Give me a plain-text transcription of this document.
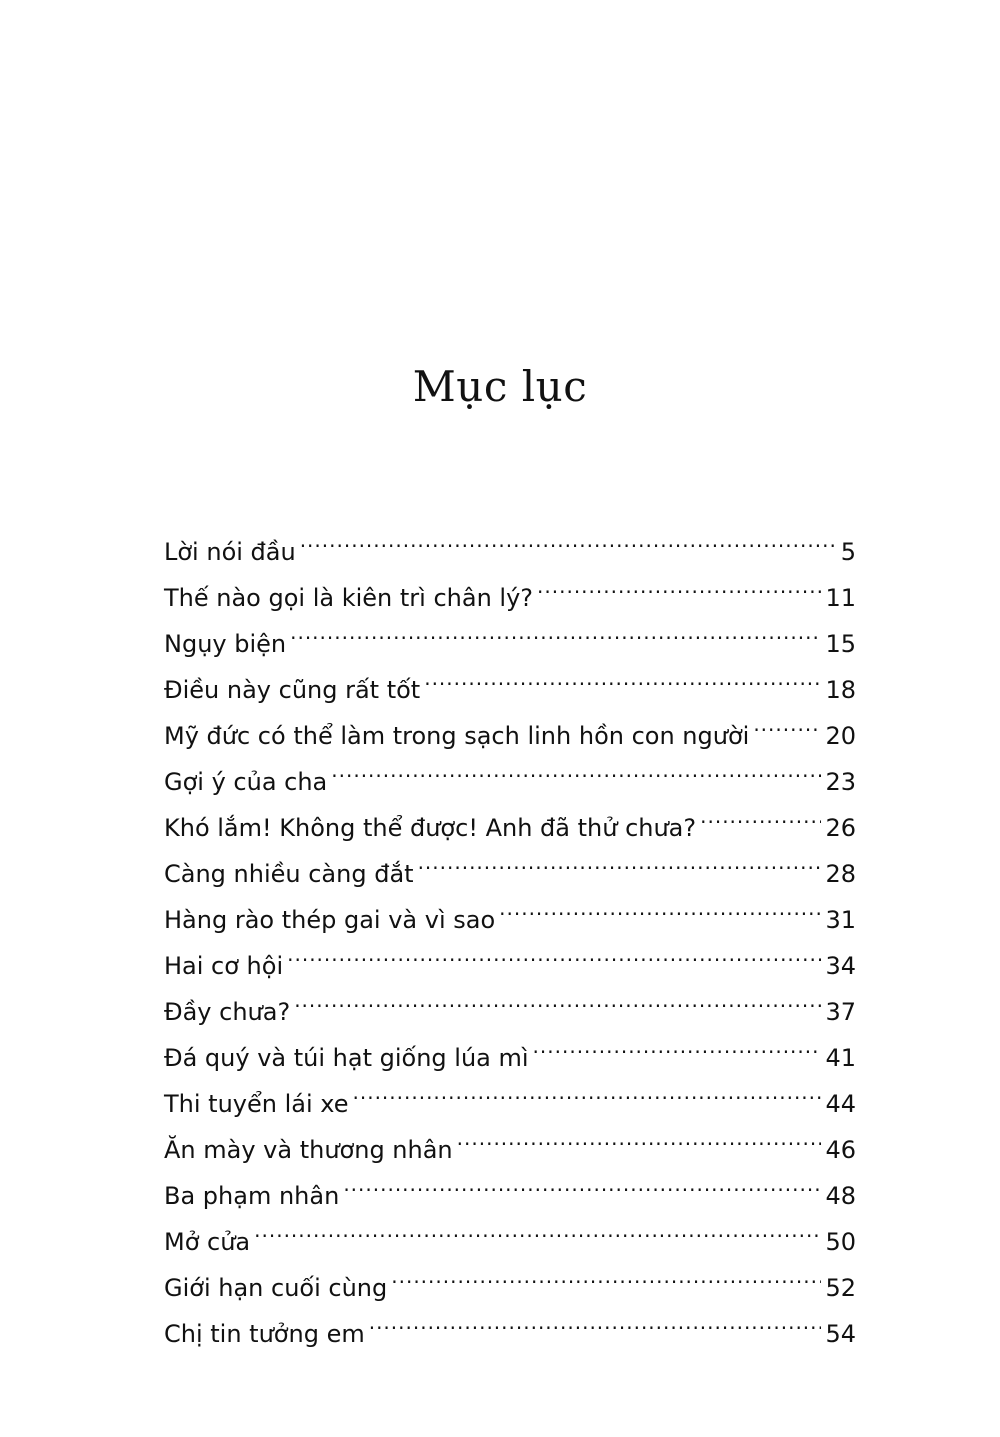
Mục lục
Lời nói đầu .....	5
Thế nào gọi là kiên trì chân lý? .....	11
Ngụy biện .....	15
Điều này cũng rất tốt .....	18
Mỹ đức có thể làm trong sạch linh hồn con người .....	20
Gợi ý của cha .....	23
Khó lắm! Không thể được! Anh đã thử chưa? .....	26
Càng nhiều càng đắt .....	28
Hàng rào thép gai và vì sao .....	31
Hai cơ hội .....	34
Đầy chưa? .....	37
Đá quý và túi hạt giống lúa mì .....	41
Thi tuyển lái xe .....	44
Ăn mày và thương nhân .....	46
Ba phạm nhân .....	48
Mở cửa .....	50
Giới hạn cuối cùng .....	52
Chị tin tưởng em .....	54
